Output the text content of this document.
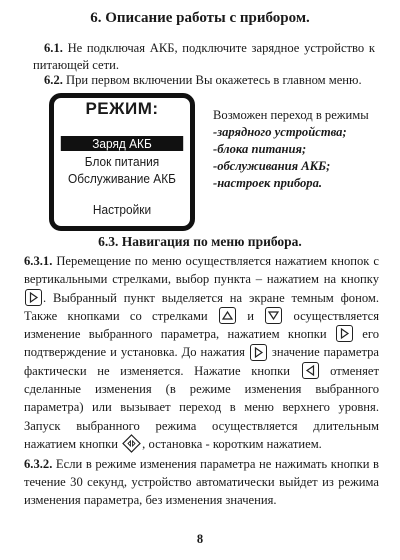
6. Описание работы с прибором.
6.1. Не подключая АКБ, подключите зарядное устройство к питающей сети.
6.2. При первом включении Вы окажетесь в главном меню.
РЕЖИМ:
Заряд АКБ
Блок питания
Обслуживание АКБ
Настройки
Возможен переход в режимы
-зарядного устройства;
-блока питания;
-обслуживания АКБ;
-настроек прибора.
6.3. Навигация по меню прибора.
6.3.1. Перемещение по меню осуществляется нажатием кнопок с вертикальными стрелками, выбор пункта – нажатием на кнопку
. Выбранный пункт выделяется на экране темным фоном. Также кнопками со стрелками	и	осуществляется изменение выбранного параметра, нажатием кнопки	его подтверждение и установка. До нажатия значение параметра фактически не изменяется. Нажатие кнопки	отменяет сделанные изменения (в режиме изменения выбранного параметра) или вызывает переход в меню верхнего уровня. Запуск выбранного режима осуществляется длительным нажатием кнопки , остановка - коротким нажатием.
6.3.2. Если в режиме изменения параметра не нажимать кнопки в течение 30 секунд, устройство автоматически выйдет из режима изменения параметра, без изменения значения.
8
